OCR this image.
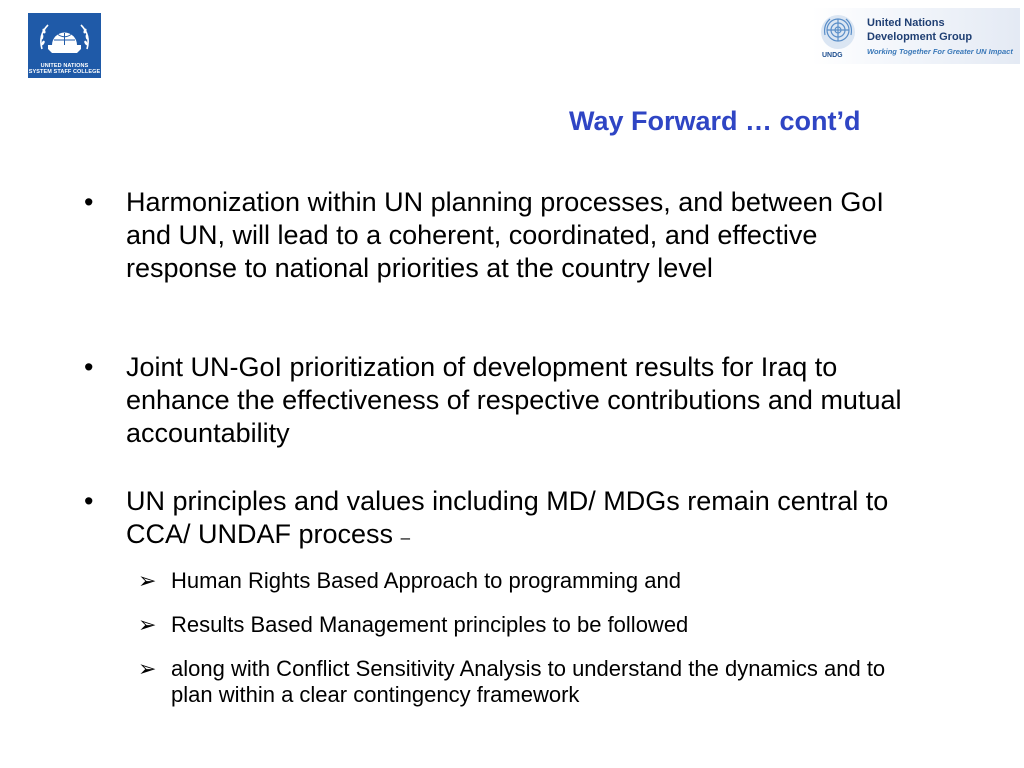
UNITED NATIONS
SYSTEM STAFF COLLEGE
UNDG
United Nations
Development Group
Working Together For Greater UN Impact
Way Forward … cont’d
• Harmonization within UN planning processes, and between GoI and UN, will lead to a coherent, coordinated, and effective response to national priorities at the country level
• Joint UN-GoI prioritization of development results for Iraq to enhance the effectiveness of respective contributions and mutual accountability
• UN principles and values including MD/ MDGs remain central to CCA/ UNDAF process –
➢ Human Rights Based Approach to programming and
➢ Results Based Management principles to be followed
➢ along with Conflict Sensitivity Analysis to understand the dynamics and to plan within a clear contingency framework
